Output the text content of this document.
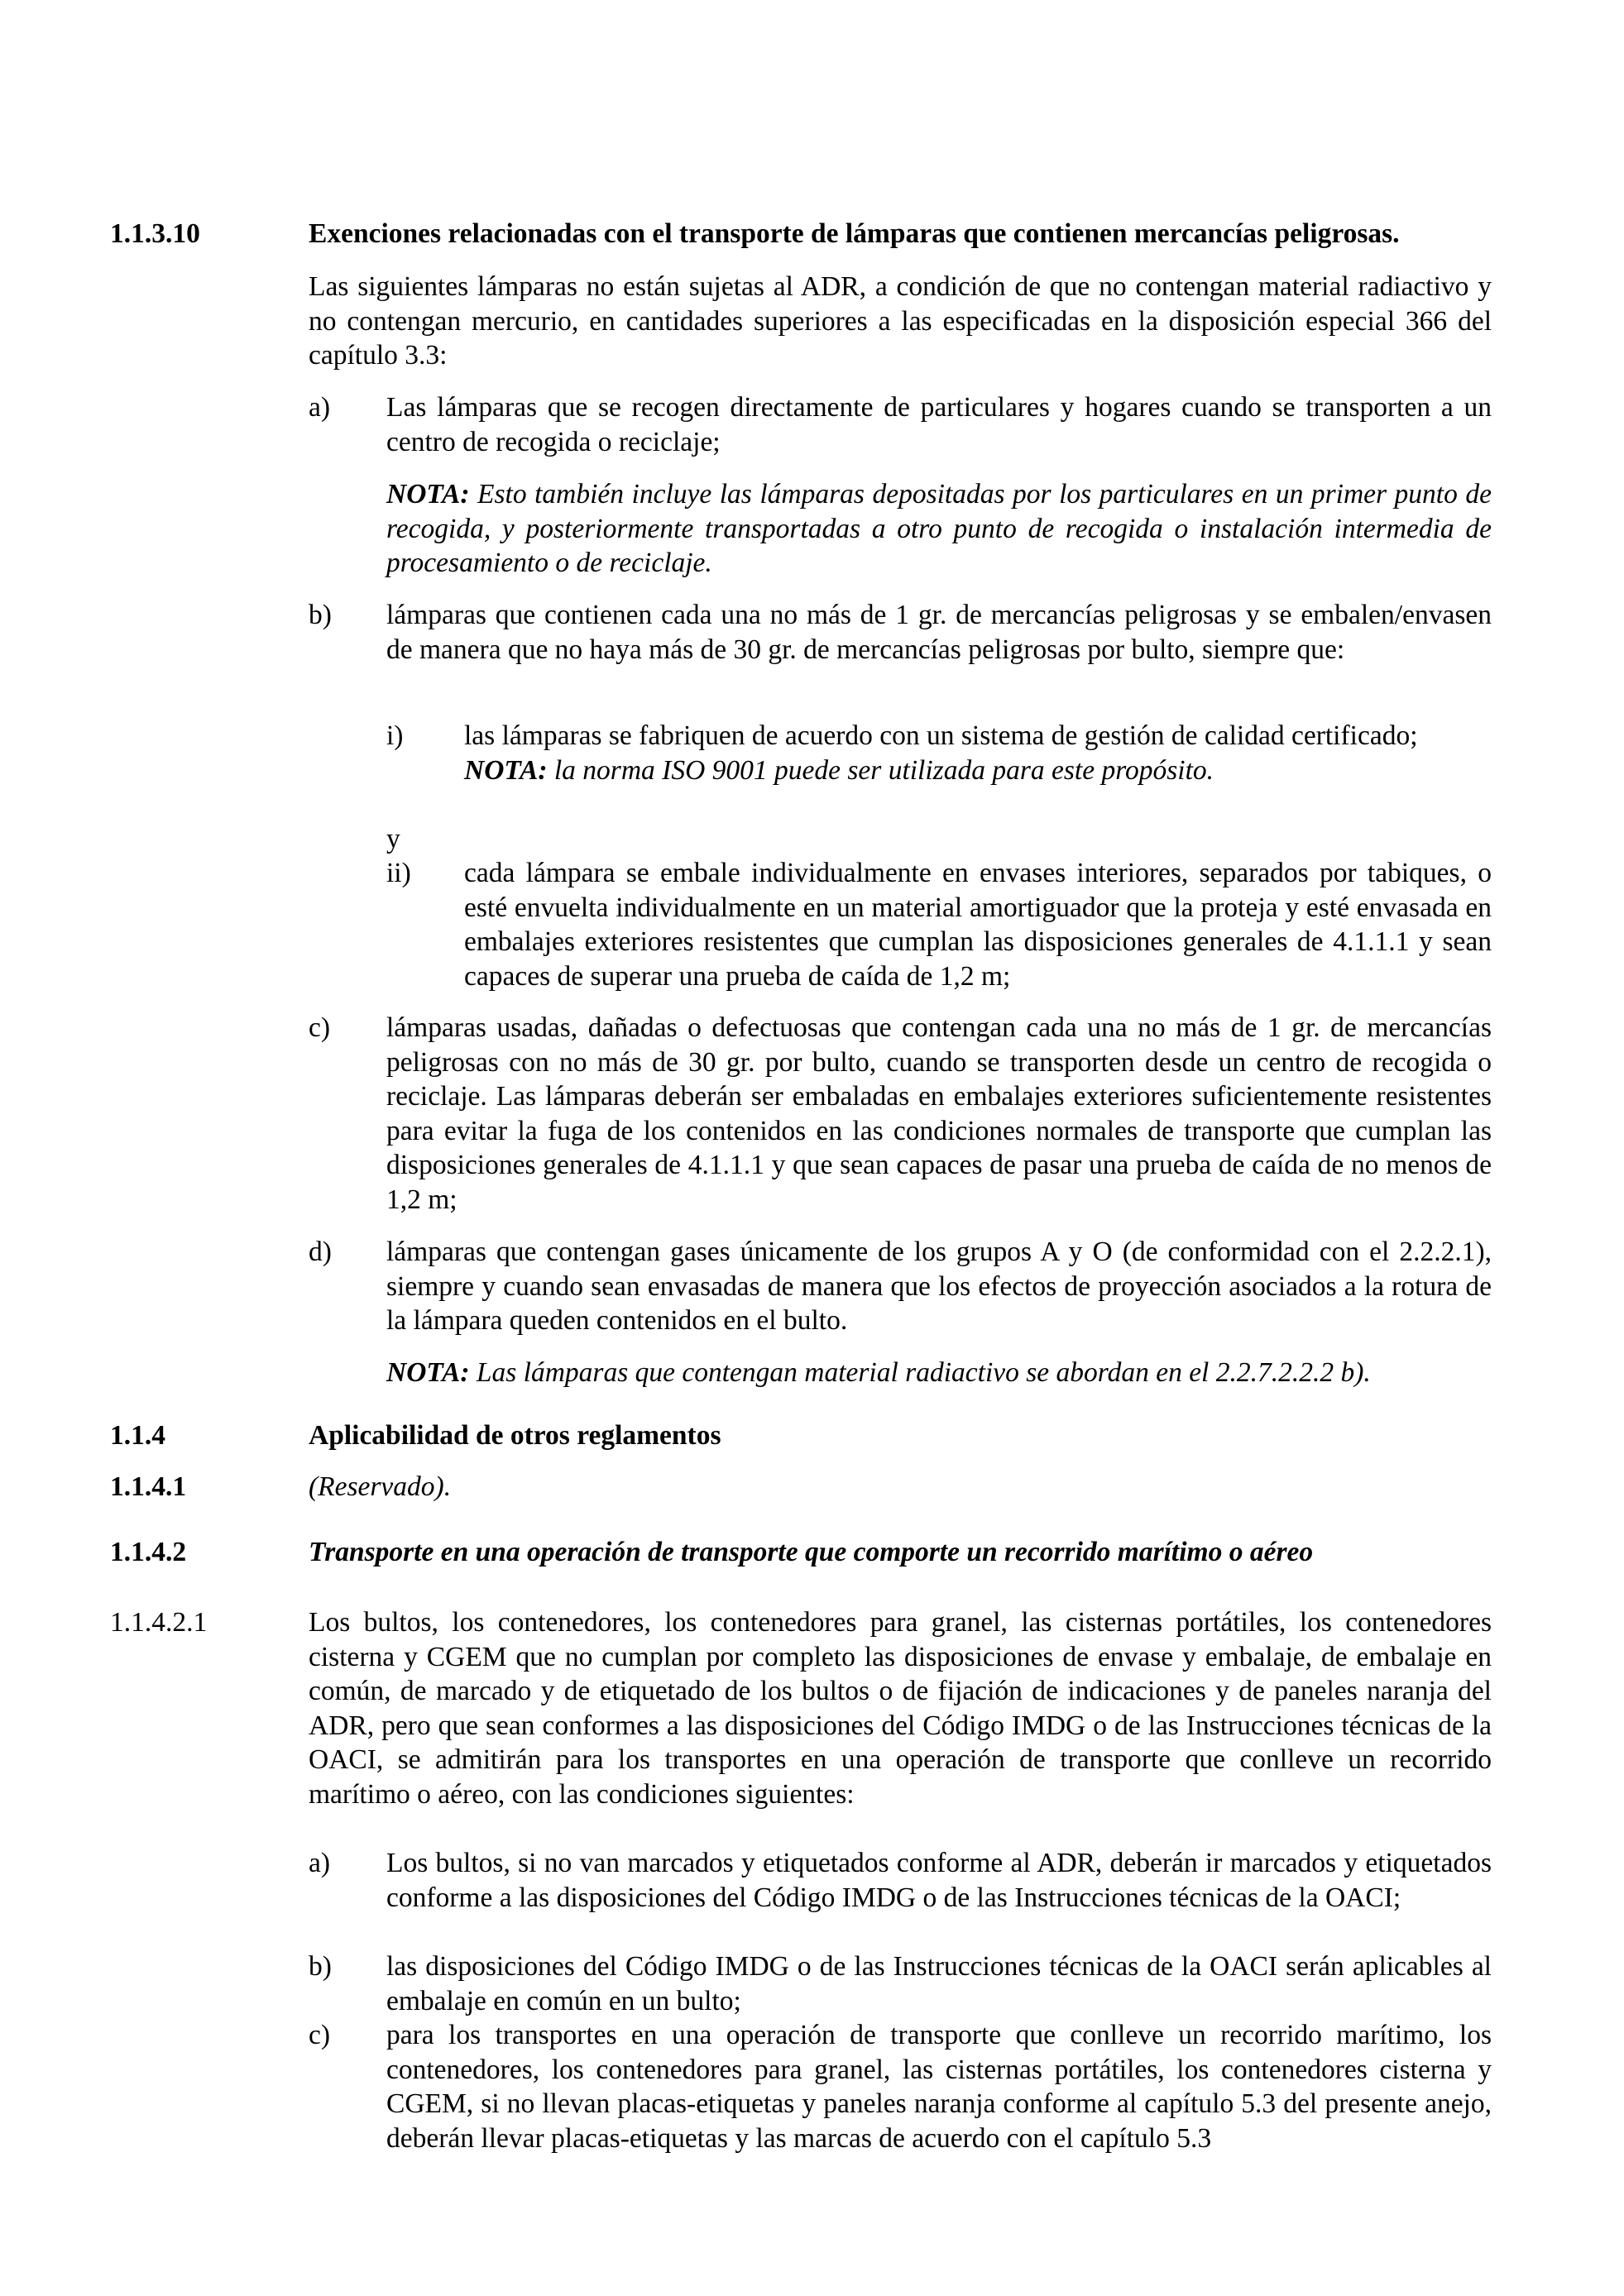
1.1.3.10	Exenciones relacionadas con el transporte de lámparas que contienen mercancías peligrosas.
Las siguientes lámparas no están sujetas al ADR, a condición de que no contengan material radiactivo y no contengan mercurio, en cantidades superiores a las especificadas en la disposición especial 366 del capítulo 3.3:
a) Las lámparas que se recogen directamente de particulares y hogares cuando se transporten a un centro de recogida o reciclaje;
NOTA: Esto también incluye las lámparas depositadas por los particulares en un primer punto de recogida, y posteriormente transportadas a otro punto de recogida o instalación intermedia de procesamiento o de reciclaje.
b) lámparas que contienen cada una no más de 1 gr. de mercancías peligrosas y se embalen/envasen de manera que no haya más de 30 gr. de mercancías peligrosas por bulto, siempre que:
i) las lámparas se fabriquen de acuerdo con un sistema de gestión de calidad certificado;
NOTA: la norma ISO 9001 puede ser utilizada para este propósito.
y
ii) cada lámpara se embale individualmente en envases interiores, separados por tabiques, o esté envuelta individualmente en un material amortiguador que la proteja y esté envasada en embalajes exteriores resistentes que cumplan las disposiciones generales de 4.1.1.1 y sean capaces de superar una prueba de caída de 1,2 m;
c) lámparas usadas, dañadas o defectuosas que contengan cada una no más de 1 gr. de mercancías peligrosas con no más de 30 gr. por bulto, cuando se transporten desde un centro de recogida o reciclaje. Las lámparas deberán ser embaladas en embalajes exteriores suficientemente resistentes para evitar la fuga de los contenidos en las condiciones normales de transporte que cumplan las disposiciones generales de 4.1.1.1 y que sean capaces de pasar una prueba de caída de no menos de 1,2 m;
d) lámparas que contengan gases únicamente de los grupos A y O (de conformidad con el 2.2.2.1), siempre y cuando sean envasadas de manera que los efectos de proyección asociados a la rotura de la lámpara queden contenidos en el bulto.
NOTA: Las lámparas que contengan material radiactivo se abordan en el 2.2.7.2.2.2 b).
1.1.4	Aplicabilidad de otros reglamentos
1.1.4.1	(Reservado).
1.1.4.2	Transporte en una operación de transporte que comporte un recorrido marítimo o aéreo
1.1.4.2.1	Los bultos, los contenedores, los contenedores para granel, las cisternas portátiles, los contenedores cisterna y CGEM que no cumplan por completo las disposiciones de envase y embalaje, de embalaje en común, de marcado y de etiquetado de los bultos o de fijación de indicaciones y de paneles naranja del ADR, pero que sean conformes a las disposiciones del Código IMDG o de las Instrucciones técnicas de la OACI, se admitirán para los transportes en una operación de transporte que conlleve un recorrido marítimo o aéreo, con las condiciones siguientes:
a) Los bultos, si no van marcados y etiquetados conforme al ADR, deberán ir marcados y etiquetados conforme a las disposiciones del Código IMDG o de las Instrucciones técnicas de la OACI;
b) las disposiciones del Código IMDG o de las Instrucciones técnicas de la OACI serán aplicables al embalaje en común en un bulto;
c) para los transportes en una operación de transporte que conlleve un recorrido marítimo, los contenedores, los contenedores para granel, las cisternas portátiles, los contenedores cisterna y CGEM, si no llevan placas-etiquetas y paneles naranja conforme al capítulo 5.3 del presente anejo, deberán llevar placas-etiquetas y las marcas de acuerdo con el capítulo 5.3
